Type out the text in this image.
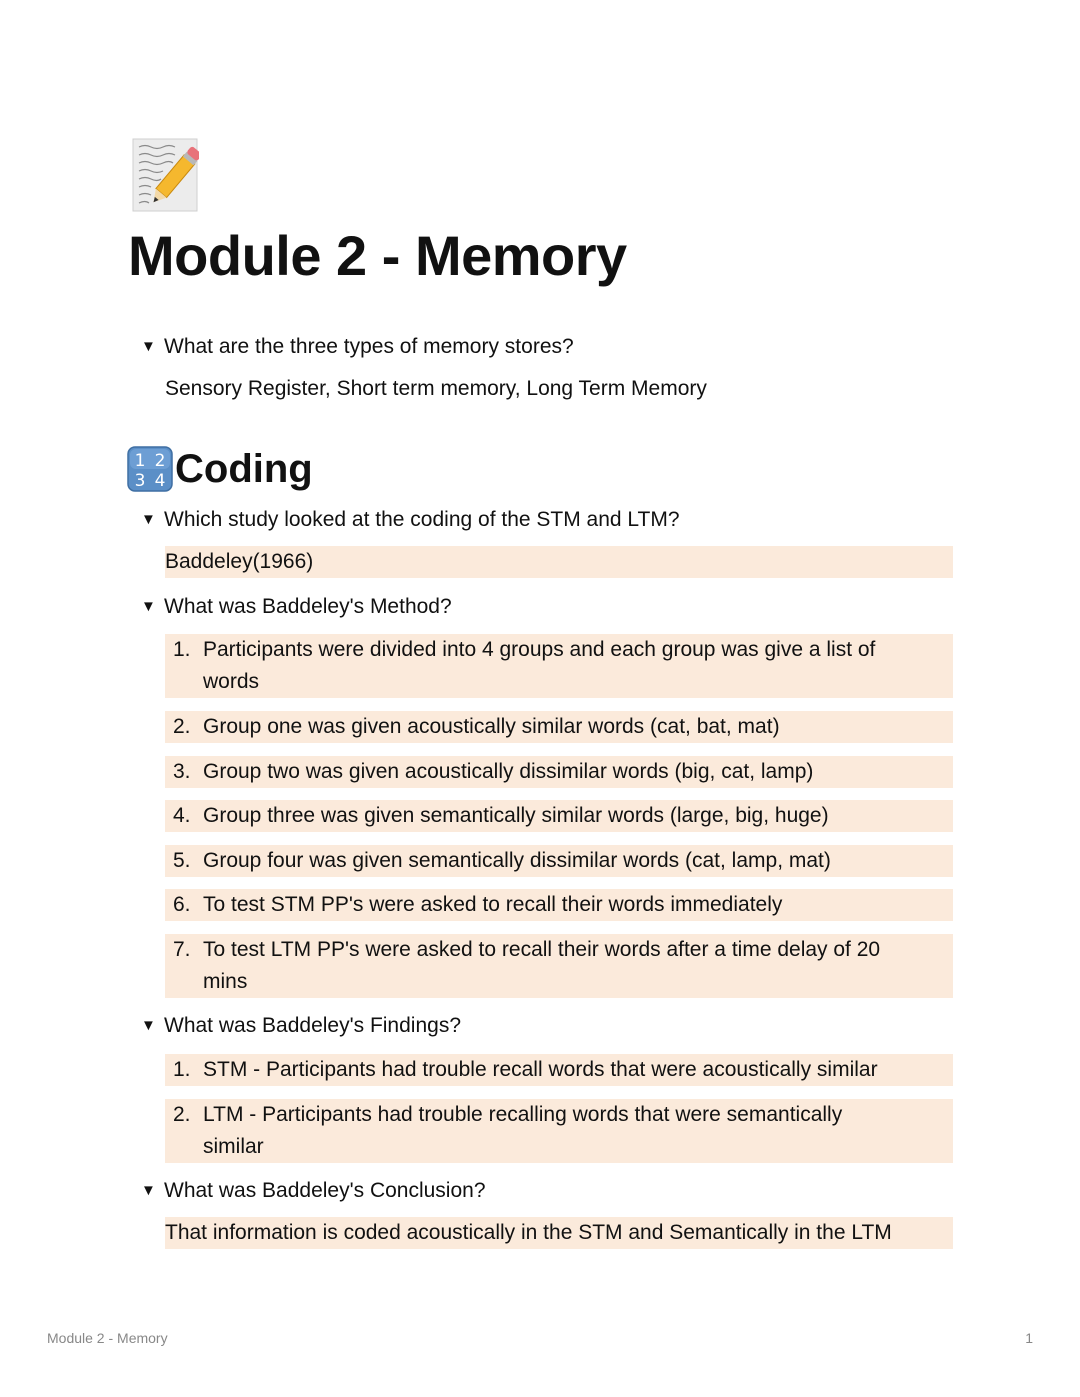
Module 2 - Memory
▼ What are the three types of memory stores?
Sensory Register, Short term memory, Long Term Memory
1 2
3 4 Coding
▼ Which study looked at the coding of the STM and LTM?
Baddeley(1966)
▼ What was Baddeley's Method?
1. Participants were divided into 4 groups and each group was give a list of
words
2. Group one was given acoustically similar words (cat, bat, mat)
3. Group two was given acoustically dissimilar words (big, cat, lamp)
4. Group three was given semantically similar words (large, big, huge)
5. Group four was given semantically dissimilar words (cat, lamp, mat)
6. To test STM PP's were asked to recall their words immediately
7. To test LTM PP's were asked to recall their words after a time delay of 20
mins
▼ What was Baddeley's Findings?
1. STM - Participants had trouble recall words that were acoustically similar
2. LTM - Participants had trouble recalling words that were semantically
similar
▼ What was Baddeley's Conclusion?
That information is coded acoustically in the STM and Semantically in the LTM
Module 2 - Memory	1
